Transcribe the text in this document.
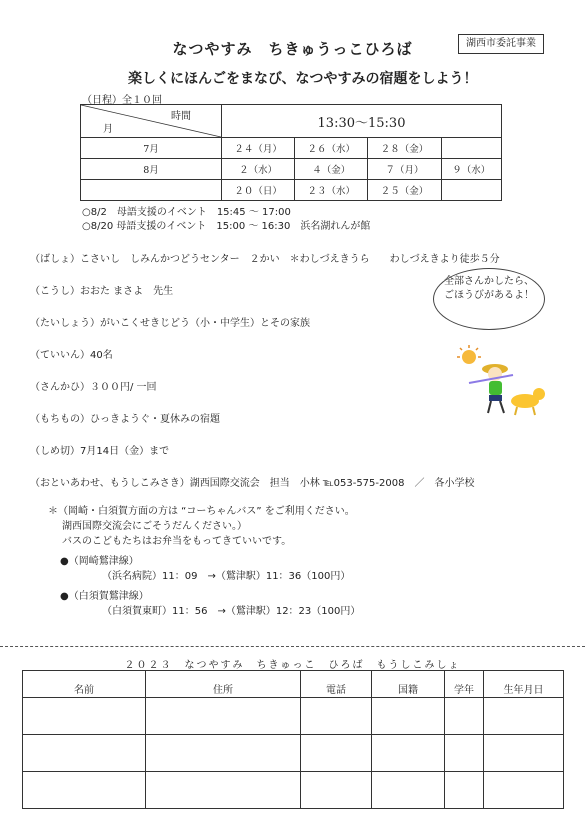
なつやすみ　ちきゅうっこひろば	湖西市委託事業
楽しくにほんごをまなび、なつやすみの宿題をしよう！
（日程）全１０回
時間
月	13:30～15:30			
7月	２４（月）	２６（水）	２８（金）	
8月	２（水）	４（金）	７（月）	９（水）
	２０（日）	２３（水）	２５（金）	
○8/2　母語支援のイベント　15:45 ～ 17:00
○8/20 母語支援のイベント　15:00 ～ 16:30　浜名湖れんが館
（ばしょ）こさいし　しみんかつどうセンター　２かい　＊わしづえきうら　　わしづえきより徒歩５分
（こうし）おおた まさよ　先生
（たいしょう）がいこくせきじどう（小・中学生）とその家族
（ていいん）40名
（さんかひ）３００円/ 一回
（もちもの）ひっきようぐ・夏休みの宿題
（しめ切）7月14日（金）まで
（おといあわせ、もうしこみさき）湖西国際交流会　担当　小林 ℡053-575-2008　／　各小学校
全部さんかしたら、ごほうびがあるよ！
＊（岡崎・白須賀方面の方は “コーちゃんバス” をご利用ください。
湖西国際交流会にごそうだんください。）
バスのこどもたちはお弁当をもってきていいです。
●（岡崎鷲津線）
（浜名病院）11：09　→（鷲津駅）11：36（100円）
●（白須賀鷲津線）
（白須賀東町）11：56　→（鷲津駅）12：23（100円）
２０２３　なつやすみ　ちきゅっこ　ひろば　もうしこみしょ
名前	住所	電話	国籍	学年	生年月日
